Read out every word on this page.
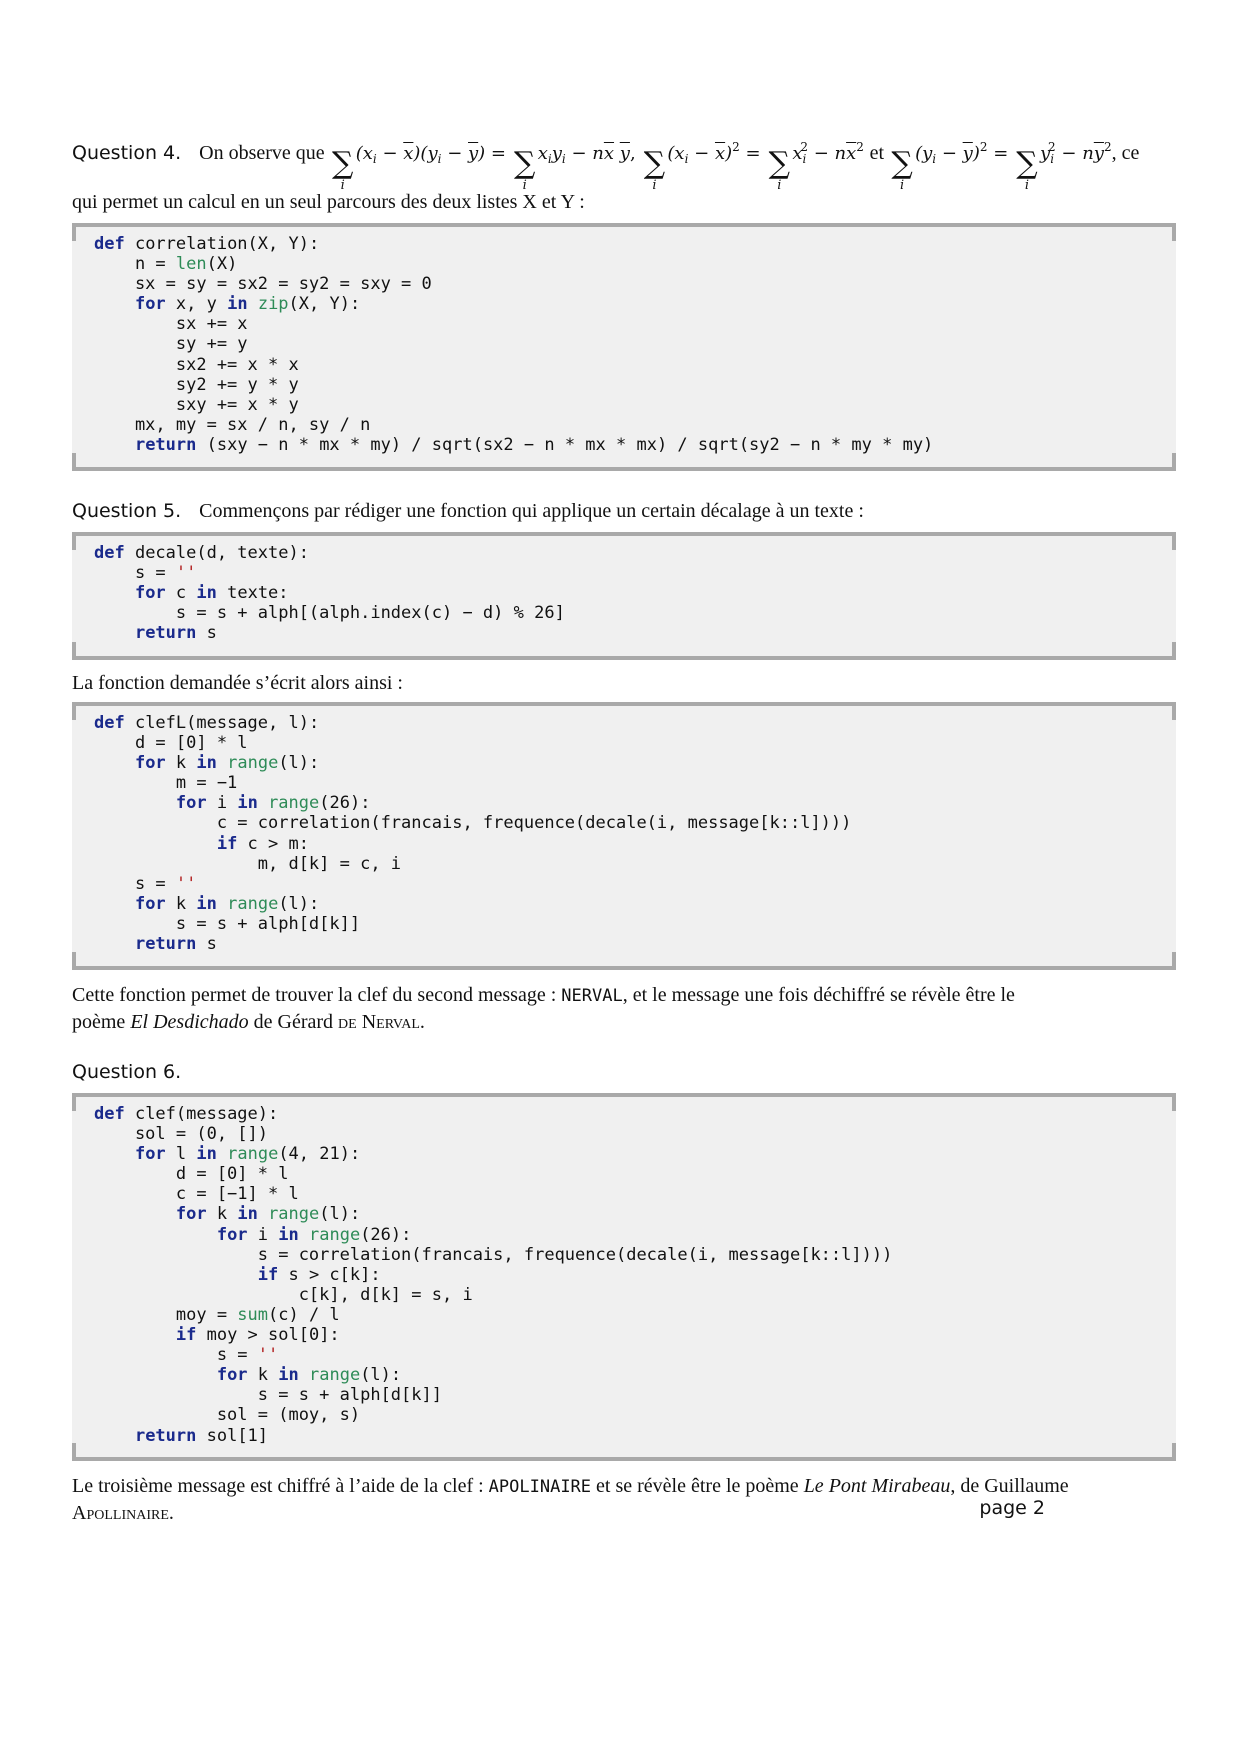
Question 4. On observe que ∑
i
$(x_i - \overline{x})(y_i - \overline{y})$ = ∑
i
$x_iy_i - n\overline{x}$ $\overline{y}$, ∑
i
$(x_i - \overline{x})^2$ = ∑
i
$x_i^2 - n\overline{x}^2$ et ∑
i
$(y_i - \overline{y})^2$ = ∑
i
$y_i^2 - n\overline{y}^2$, ce

qui permet un calcul en un seul parcours des deux listes X et Y :

def correlation(X, Y):
n = len(X)
sx = sy = sx2 = sy2 = sxy = 0
for x, y in zip(X, Y):
sx += x
sy += y
sx2 += x * x
sy2 += y * y
sxy += x * y
mx, my = sx / n, sy / n
return (sxy − n * mx * my) / sqrt(sx2 − n * mx * mx) / sqrt(sy2 − n * my * my)

Question 5. Commençons par rédiger une fonction qui applique un certain décalage à un texte :

def decale(d, texte):
s = ''
for c in texte:
s = s + alph[(alph.index(c) − d) % 26]
return s

La fonction demandée s’écrit alors ainsi :

def clefL(message, l):
d = [0] * l
for k in range(l):
m = −1
for i in range(26):
c = correlation(francais, frequence(decale(i, message[k::l])))
if c > m:
m, d[k] = c, i
s = ''
for k in range(l):
s = s + alph[d[k]]
return s

Cette fonction permet de trouver la clef du second message : NERVAL, et le message une fois déchiffré se révèle être le
poème El Desdichado de Gérard de Nerval.

Question 6.

def clef(message):
sol = (0, [])
for l in range(4, 21):
d = [0] * l
c = [−1] * l
for k in range(l):
for i in range(26):
s = correlation(francais, frequence(decale(i, message[k::l])))
if s > c[k]:
c[k], d[k] = s, i
moy = sum(c) / l
if moy > sol[0]:
s = ''
for k in range(l):
s = s + alph[d[k]]
sol = (moy, s)
return sol[1]

Le troisième message est chiffré à l’aide de la clef : APOLINAIRE et se révèle être le poème Le Pont Mirabeau, de Guillaume
Apollinaire.	page 2
